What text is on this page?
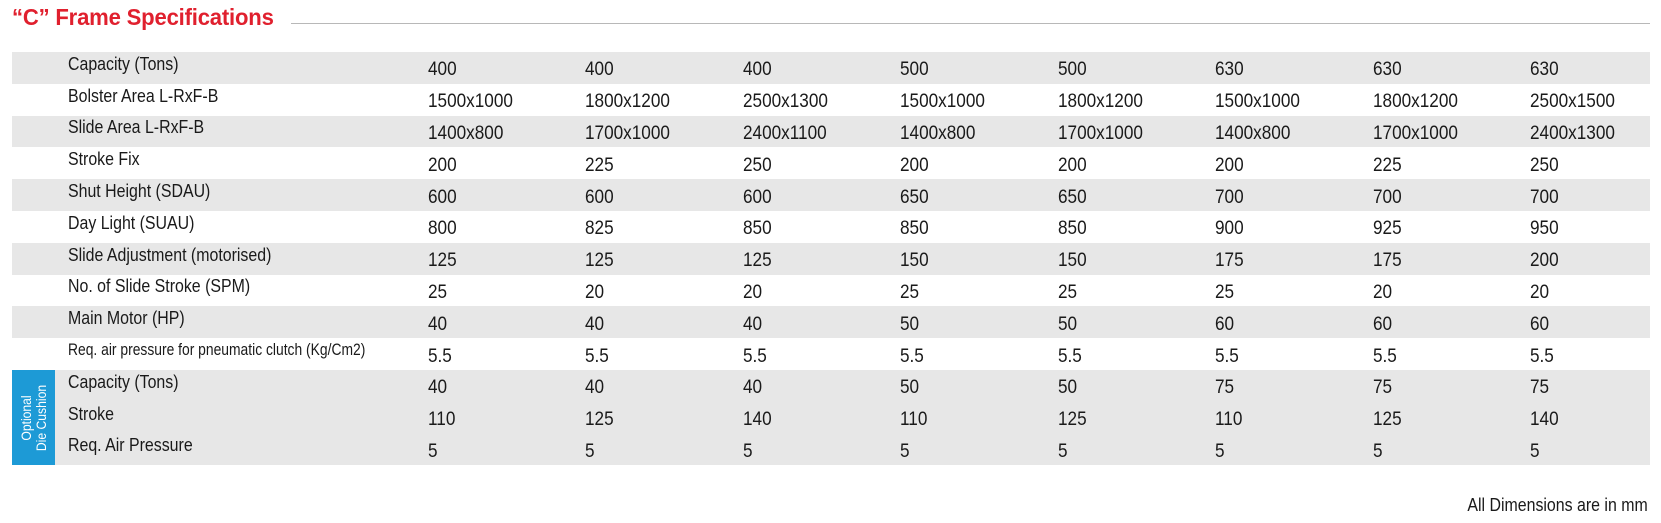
“C” Frame Specifications
Capacity (Tons)	400	400	400	500	500	630	630	630
Bolster Area L-RxF-B	1500x1000	1800x1200	2500x1300	1500x1000	1800x1200	1500x1000	1800x1200	2500x1500
Slide Area L-RxF-B	1400x800	1700x1000	2400x1100	1400x800	1700x1000	1400x800	1700x1000	2400x1300
Stroke Fix	200	225	250	200	200	200	225	250
Shut Height (SDAU)	600	600	600	650	650	700	700	700
Day Light (SUAU)	800	825	850	850	850	900	925	950
Slide Adjustment (motorised)	125	125	125	150	150	175	175	200
No. of Slide Stroke (SPM)	25	20	20	25	25	25	20	20
Main Motor (HP)	40	40	40	50	50	60	60	60
Req. air pressure for pneumatic clutch (Kg/Cm2)	5.5	5.5	5.5	5.5	5.5	5.5	5.5	5.5
Capacity (Tons)	40	40	40	50	50	75	75	75
Stroke	110	125	140	110	125	110	125	140
Req. Air Pressure	5	5	5	5	5	5	5	5
Optional Die Cushion
All Dimensions are in mm
